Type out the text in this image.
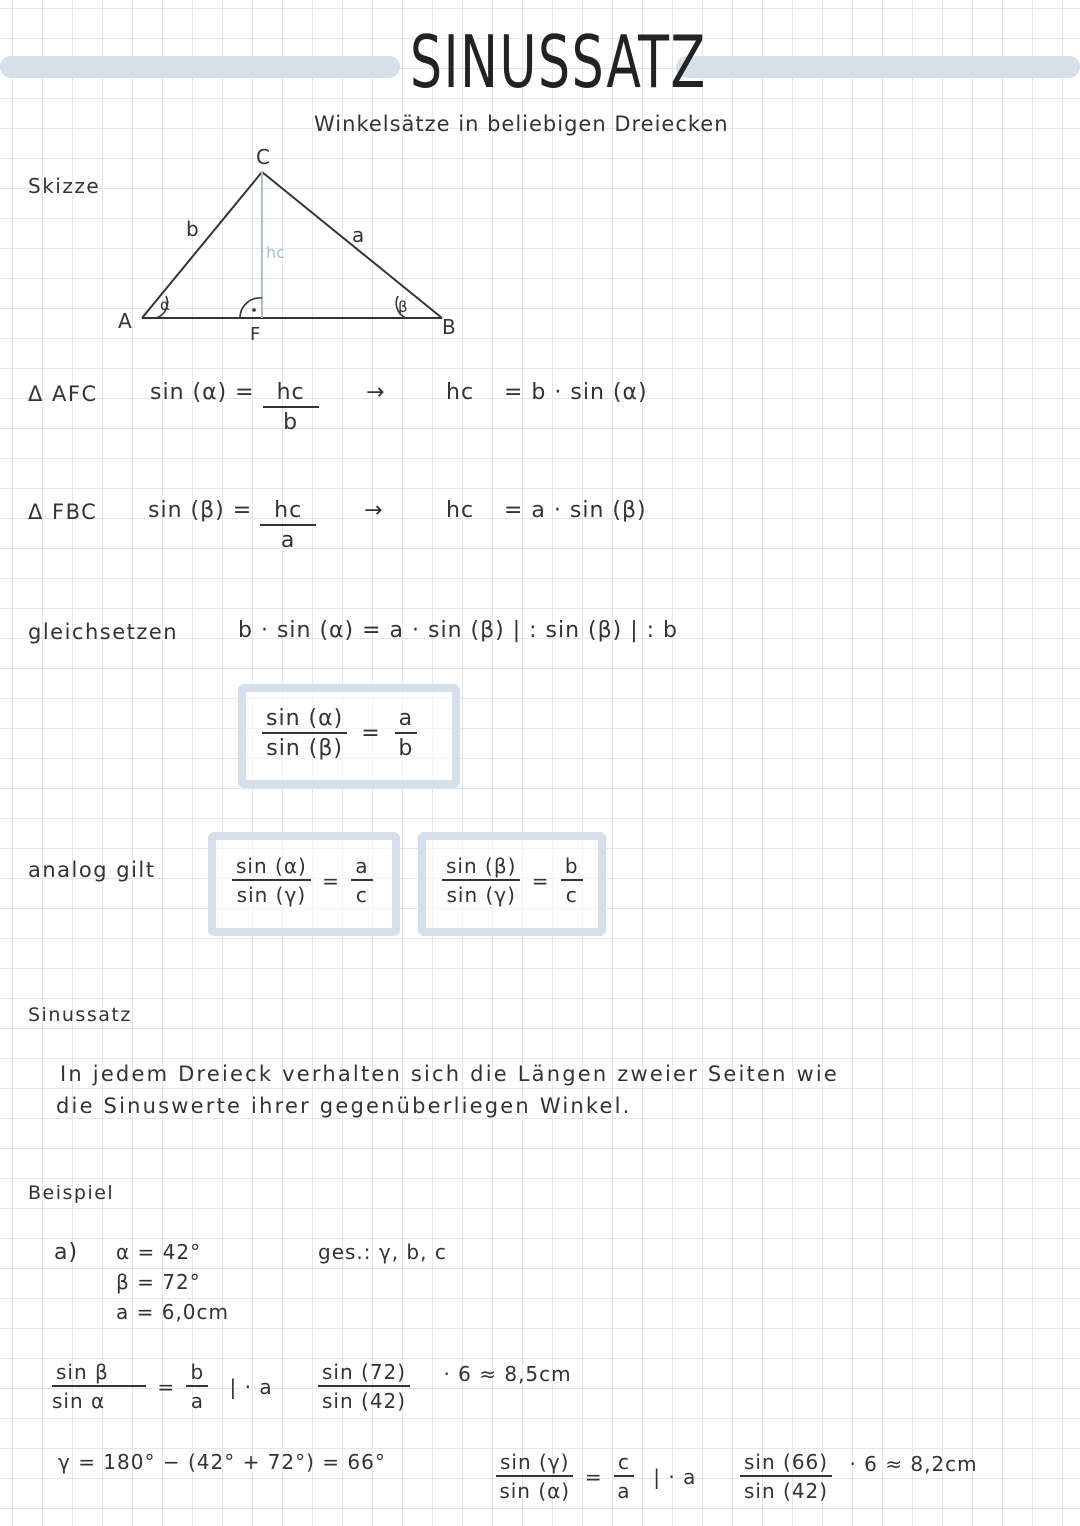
SINUSSATZ
Winkelsätze in beliebigen Dreiecken
Skizze
C
A	B
F
b	a
hc
α	β
Δ AFC $\sin (\alpha) = \frac{hc}{b}$ →	hc = b · sin (α)
Δ FBC $\sin (\beta) = \frac{hc}{a}$ →	hc = a · sin (β)
gleichsetzen	b · sin (α) = a · sin (β) | : sin (β) | : b
$\frac{\sin (\alpha)}{\sin (\beta)} = \frac{a}{b}$
analog gilt	$\frac{\sin (\alpha)}{\sin (\gamma)} = \frac{a}{c}$	$\frac{\sin (\beta)}{\sin (\gamma)} = \frac{b}{c}$
Sinussatz
In jedem Dreieck verhalten sich die Längen zweier Seiten wie
die Sinuswerte ihrer gegenüberliegen Winkel.
Beispiel
a) α = 42°
β = 72°
a = 6,0cm
ges.: γ, b, c
$\frac{\text{sin β}}{\text{sin α}} = \frac{b}{a}$ | · a $\frac{\sin (72)}{\sin (42)} \cdot 6 \approx 8,5cm$
γ = 180° − (42° + 72°) = 66°	$\frac{\sin (\gamma)}{\sin (\alpha)} = \frac{c}{a}$ | · a $\frac{\sin (66)}{\sin (42)} \cdot 6 \approx 8,2cm$
